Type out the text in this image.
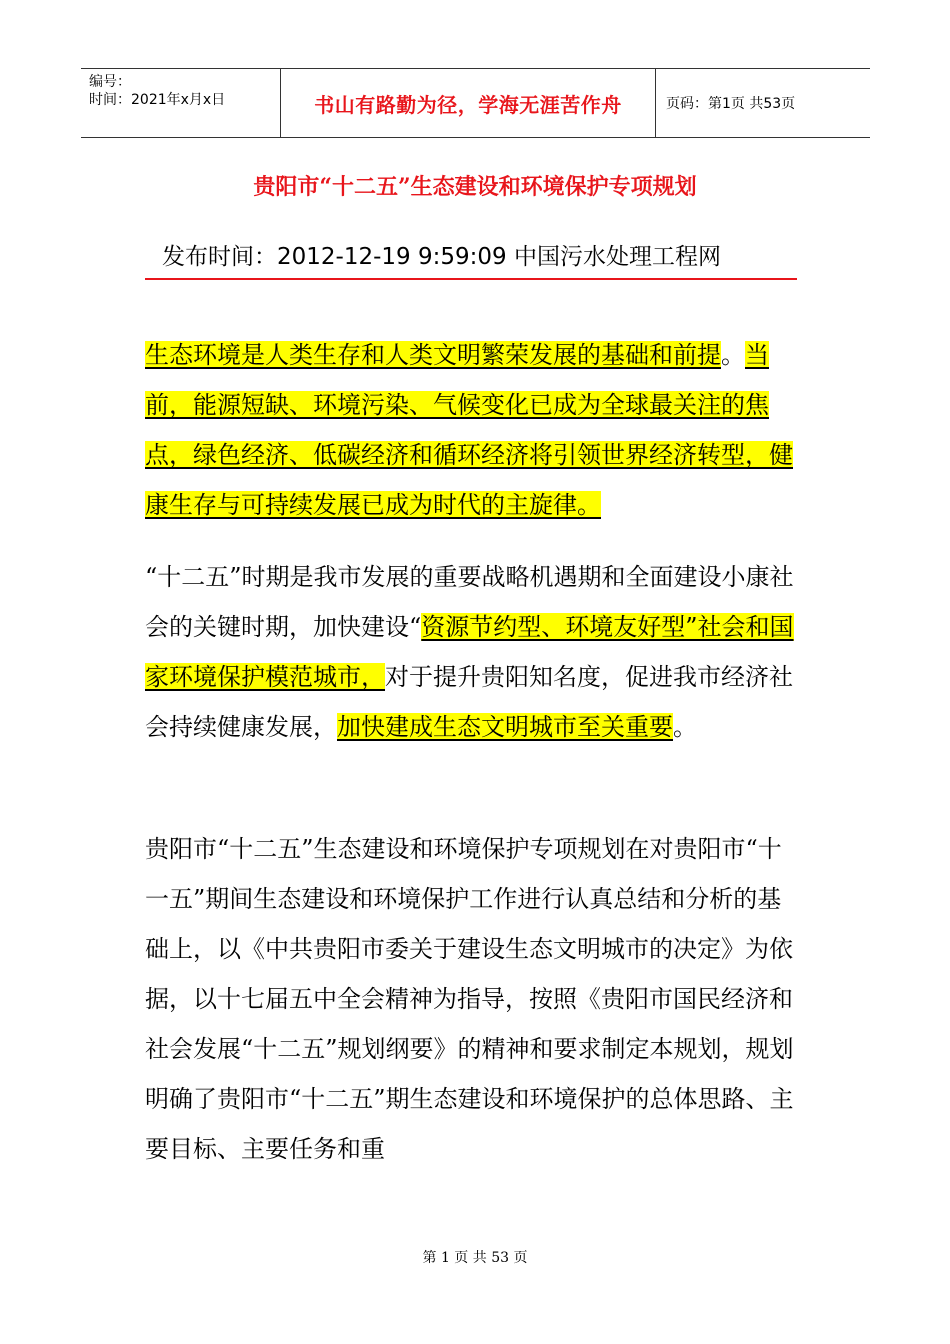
编号：
时间：2021年x月x日	书山有路勤为径，学海无涯苦作舟	页码：第1页 共53页
贵阳市“十二五”生态建设和环境保护专项规划
发布时间：2012-12-19 9:59:09 中国污水处理工程网

生态环境是人类生存和人类文明繁荣发展的基础和前提。当前，能源短缺、环境污染、气候变化已成为全球最关注的焦点，绿色经济、低碳经济和循环经济将引领世界经济转型，健康生存与可持续发展已成为时代的主旋律。

“十二五”时期是我市发展的重要战略机遇期和全面建设小康社会的关键时期，加快建设“资源节约型、环境友好型”社会和国家环境保护模范城市，对于提升贵阳知名度，促进我市经济社会持续健康发展，加快建成生态文明城市至关重要。

贵阳市“十二五”生态建设和环境保护专项规划在对贵阳市“十一五”期间生态建设和环境保护工作进行认真总结和分析的基础上，以《中共贵阳市委关于建设生态文明城市的决定》为依据，以十七届五中全会精神为指导，按照《贵阳市国民经济和社会发展“十二五”规划纲要》的精神和要求制定本规划，规划明确了贵阳市“十二五”期生态建设和环境保护的总体思路、主要目标、主要任务和重

第 1 页 共 53 页
